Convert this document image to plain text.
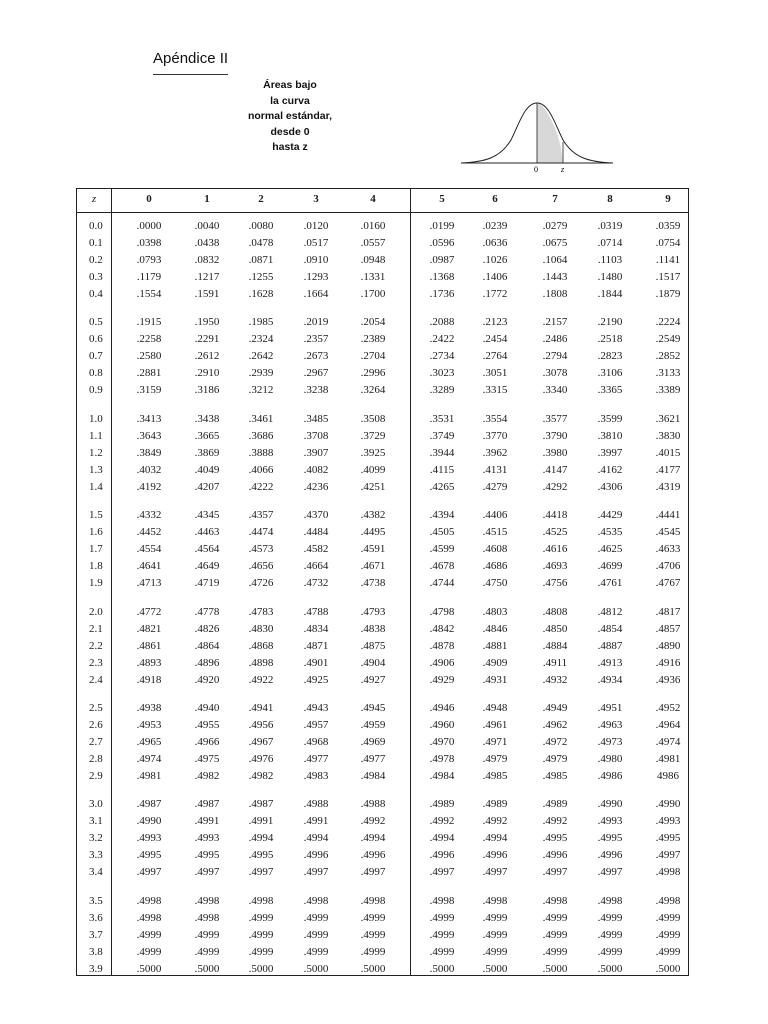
Apéndice II
Áreas bajo
la curva
normal estándar,
desde 0
hasta z
0	z
z	0	1	2	3	4	5	6	7	8	9
0.0	.0000	.0040	.0080	.0120	.0160	.0199	.0239	.0279	.0319	.0359
0.1	.0398	.0438	.0478	.0517	.0557	.0596	.0636	.0675	.0714	.0754
0.2	.0793	.0832	.0871	.0910	.0948	.0987	.1026	.1064	.1103	.1141
0.3	.1179	.1217	.1255	.1293	.1331	.1368	.1406	.1443	.1480	.1517
0.4	.1554	.1591	.1628	.1664	.1700	.1736	.1772	.1808	.1844	.1879
0.5	.1915	.1950	.1985	.2019	.2054	.2088	.2123	.2157	.2190	.2224
0.6	.2258	.2291	.2324	.2357	.2389	.2422	.2454	.2486	.2518	.2549
0.7	.2580	.2612	.2642	.2673	.2704	.2734	.2764	.2794	.2823	.2852
0.8	.2881	.2910	.2939	.2967	.2996	.3023	.3051	.3078	.3106	.3133
0.9	.3159	.3186	.3212	.3238	.3264	.3289	.3315	.3340	.3365	.3389
1.0	.3413	.3438	.3461	.3485	.3508	.3531	.3554	.3577	.3599	.3621
1.1	.3643	.3665	.3686	.3708	.3729	.3749	.3770	.3790	.3810	.3830
1.2	.3849	.3869	.3888	.3907	.3925	.3944	.3962	.3980	.3997	.4015
1.3	.4032	.4049	.4066	.4082	.4099	.4115	.4131	.4147	.4162	.4177
1.4	.4192	.4207	.4222	.4236	.4251	.4265	.4279	.4292	.4306	.4319
1.5	.4332	.4345	.4357	.4370	.4382	.4394	.4406	.4418	.4429	.4441
1.6	.4452	.4463	.4474	.4484	.4495	.4505	.4515	.4525	.4535	.4545
1.7	.4554	.4564	.4573	.4582	.4591	.4599	.4608	.4616	.4625	.4633
1.8	.4641	.4649	.4656	.4664	.4671	.4678	.4686	.4693	.4699	.4706
1.9	.4713	.4719	.4726	.4732	.4738	.4744	.4750	.4756	.4761	.4767
2.0	.4772	.4778	.4783	.4788	.4793	.4798	.4803	.4808	.4812	.4817
2.1	.4821	.4826	.4830	.4834	.4838	.4842	.4846	.4850	.4854	.4857
2.2	.4861	.4864	.4868	.4871	.4875	.4878	.4881	.4884	.4887	.4890
2.3	.4893	.4896	.4898	.4901	.4904	.4906	.4909	.4911	.4913	.4916
2.4	.4918	.4920	.4922	.4925	.4927	.4929	.4931	.4932	.4934	.4936
2.5	.4938	.4940	.4941	.4943	.4945	.4946	.4948	.4949	.4951	.4952
2.6	.4953	.4955	.4956	.4957	.4959	.4960	.4961	.4962	.4963	.4964
2.7	.4965	.4966	.4967	.4968	.4969	.4970	.4971	.4972	.4973	.4974
2.8	.4974	.4975	.4976	.4977	.4977	.4978	.4979	.4979	.4980	.4981
2.9	.4981	.4982	.4982	.4983	.4984	.4984	.4985	.4985	.4986	4986
3.0	.4987	.4987	.4987	.4988	.4988	.4989	.4989	.4989	.4990	.4990
3.1	.4990	.4991	.4991	.4991	.4992	.4992	.4992	.4992	.4993	.4993
3.2	.4993	.4993	.4994	.4994	.4994	.4994	.4994	.4995	.4995	.4995
3.3	.4995	.4995	.4995	.4996	.4996	.4996	.4996	.4996	.4996	.4997
3.4	.4997	.4997	.4997	.4997	.4997	.4997	.4997	.4997	.4997	.4998
3.5	.4998	.4998	.4998	.4998	.4998	.4998	.4998	.4998	.4998	.4998
3.6	.4998	.4998	.4999	.4999	.4999	.4999	.4999	.4999	.4999	.4999
3.7	.4999	.4999	.4999	.4999	.4999	.4999	.4999	.4999	.4999	.4999
3.8	.4999	.4999	.4999	.4999	.4999	.4999	.4999	.4999	.4999	.4999
3.9	.5000	.5000	.5000	.5000	.5000	.5000	.5000	.5000	.5000	.5000
